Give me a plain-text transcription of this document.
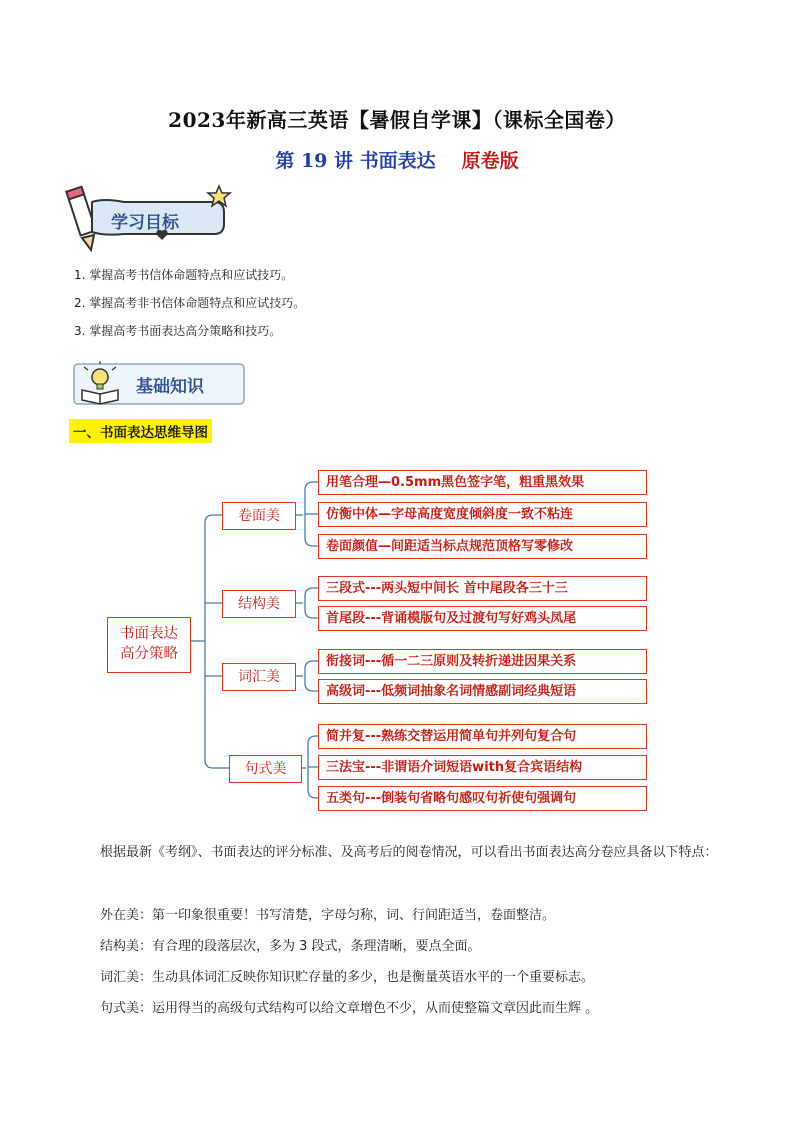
2023年新高三英语【暑假自学课】（课标全国卷）
第 19 讲 书面表达 原卷版
学习目标
1. 掌握高考书信体命题特点和应试技巧。
2. 掌握高考非书信体命题特点和应试技巧。
3. 掌握高考书面表达高分策略和技巧。
基础知识
一、书面表达思维导图
书面表达
高分策略
卷面美
结构美
词汇美
句式美
用笔合理—0.5mm黑色签字笔，粗重黑效果
仿衡中体—字母高度宽度倾斜度一致不粘连
卷面颜值—间距适当标点规范顶格写零修改
三段式---两头短中间长 首中尾段各三十三
首尾段---背诵模版句及过渡句写好鸡头凤尾
衔接词---循一二三原则及转折递进因果关系
高级词---低频词抽象名词情感副词经典短语
简并复---熟练交替运用简单句并列句复合句
三法宝---非谓语介词短语with复合宾语结构
五类句---倒装句省略句感叹句祈使句强调句
根据最新《考纲》、书面表达的评分标准、及高考后的阅卷情况，可以看出书面表达高分卷应具备以下特点：
外在美：第一印象很重要！书写清楚，字母匀称，词、行间距适当，卷面整洁。
结构美：有合理的段落层次，多为 3 段式，条理清晰，要点全面。
词汇美：生动具体词汇反映你知识贮存量的多少，也是衡量英语水平的一个重要标志。
句式美：运用得当的高级句式结构可以给文章增色不少，从而使整篇文章因此而生辉 。
